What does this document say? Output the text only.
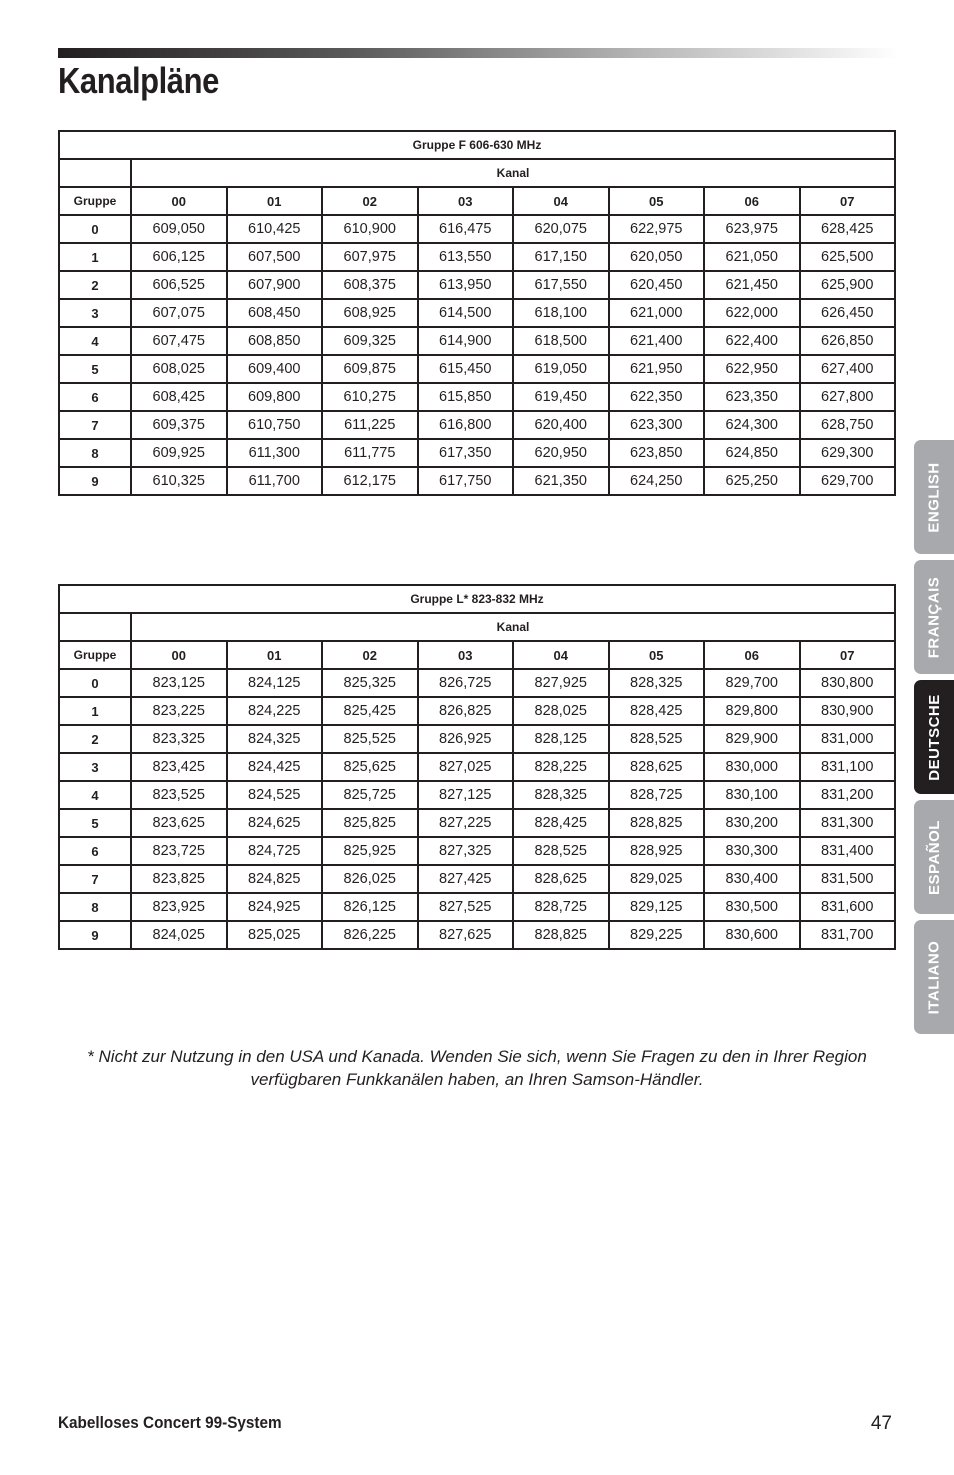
Kanalpläne
Gruppe F 606-630 MHz								
	Kanal							
Gruppe	00	01	02	03	04	05	06	07
0	609,050	610,425	610,900	616,475	620,075	622,975	623,975	628,425
1	606,125	607,500	607,975	613,550	617,150	620,050	621,050	625,500
2	606,525	607,900	608,375	613,950	617,550	620,450	621,450	625,900
3	607,075	608,450	608,925	614,500	618,100	621,000	622,000	626,450
4	607,475	608,850	609,325	614,900	618,500	621,400	622,400	626,850
5	608,025	609,400	609,875	615,450	619,050	621,950	622,950	627,400
6	608,425	609,800	610,275	615,850	619,450	622,350	623,350	627,800
7	609,375	610,750	611,225	616,800	620,400	623,300	624,300	628,750
8	609,925	611,300	611,775	617,350	620,950	623,850	624,850	629,300
9	610,325	611,700	612,175	617,750	621,350	624,250	625,250	629,700
Gruppe L* 823-832 MHz								
	Kanal							
Gruppe	00	01	02	03	04	05	06	07
0	823,125	824,125	825,325	826,725	827,925	828,325	829,700	830,800
1	823,225	824,225	825,425	826,825	828,025	828,425	829,800	830,900
2	823,325	824,325	825,525	826,925	828,125	828,525	829,900	831,000
3	823,425	824,425	825,625	827,025	828,225	828,625	830,000	831,100
4	823,525	824,525	825,725	827,125	828,325	828,725	830,100	831,200
5	823,625	824,625	825,825	827,225	828,425	828,825	830,200	831,300
6	823,725	824,725	825,925	827,325	828,525	828,925	830,300	831,400
7	823,825	824,825	826,025	827,425	828,625	829,025	830,400	831,500
8	823,925	824,925	826,125	827,525	828,725	829,125	830,500	831,600
9	824,025	825,025	826,225	827,625	828,825	829,225	830,600	831,700
* Nicht zur Nutzung in den USA und Kanada. Wenden Sie sich, wenn Sie Fragen zu den in Ihrer Region verfügbaren Funkkanälen haben, an Ihren Samson-Händler.
Kabelloses Concert 99-System	47
ENGLISH
FRANÇAIS
DEUTSCHE
ESPAÑOL
ITALIANO
